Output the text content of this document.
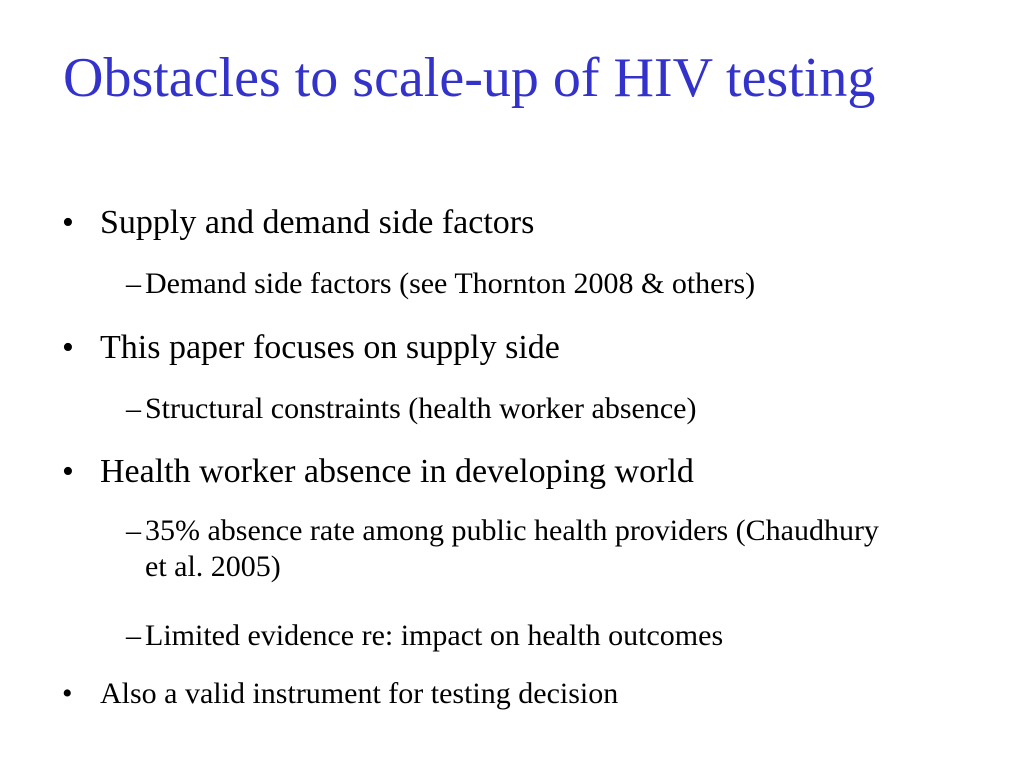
Obstacles to scale-up of HIV testing
• Supply and demand side factors
– Demand side factors (see Thornton 2008 & others)
• This paper focuses on supply side
– Structural constraints (health worker absence)
• Health worker absence in developing world
– 35% absence rate among public health providers (Chaudhury et al. 2005)
– Limited evidence re: impact on health outcomes
• Also a valid instrument for testing decision
